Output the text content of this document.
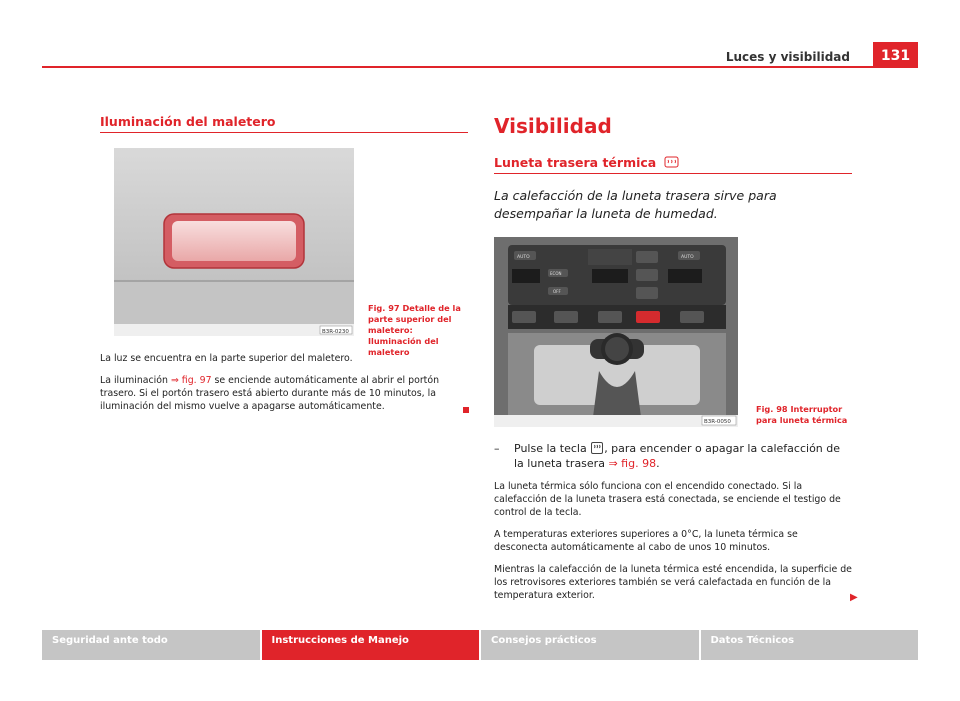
Luces y visibilidad	131
Iluminación del maletero
B3R-0230
Fig. 97 Detalle de la parte superior del maletero: Iluminación del maletero

La luz se encuentra en la parte superior del maletero.

La iluminación ⇒ fig. 97 se enciende automáticamente al abrir el portón trasero. Si el portón trasero está abierto durante más de 10 minutos, la iluminación del mismo vuelve a apagarse automáticamente.

Visibilidad
Luneta trasera térmica

La calefacción de la luneta trasera sirve para desempañar la luneta de humedad.

AUTO	AUTO
ECON
OFF
B3R-0050
Fig. 98 Interruptor para luneta térmica
– Pulse la tecla
, para encender o apagar la calefacción de la luneta trasera ⇒ fig. 98.

La luneta térmica sólo funciona con el encendido conectado. Si la calefacción de la luneta trasera está conectada, se enciende el testigo de control de la tecla.

A temperaturas exteriores superiores a 0°C, la luneta térmica se desconecta automáticamente al cabo de unos 10 minutos.

Mientras la calefacción de la luneta térmica esté encendida, la superficie de los retrovisores exteriores también se verá calefactada en función de la temperatura exterior.	▶
Seguridad ante todo	Instrucciones de Manejo	Consejos prácticos	Datos Técnicos
